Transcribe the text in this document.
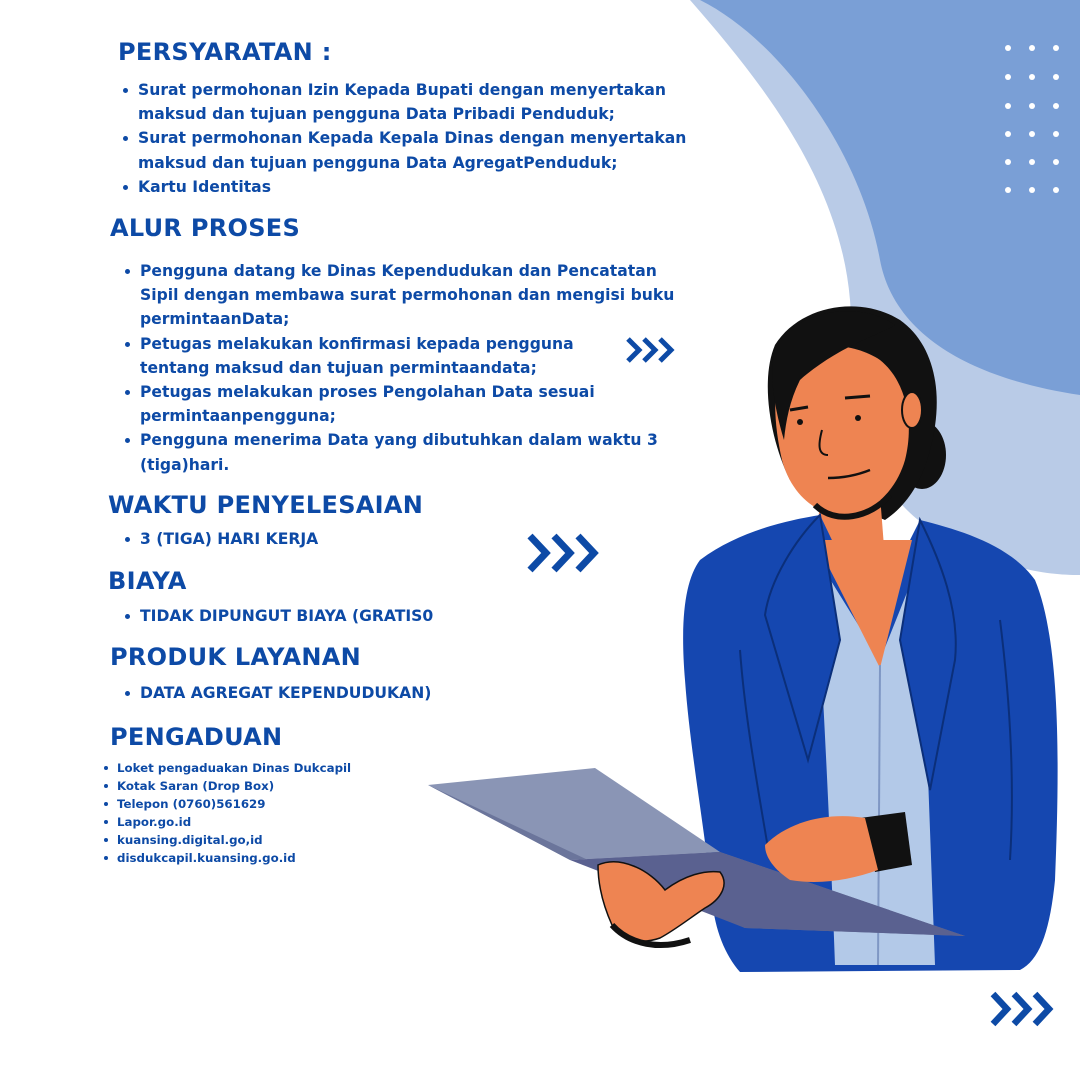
PERSYARATAN :
Surat permohonan Izin Kepada Bupati dengan menyertakan maksud dan tujuan pengguna Data Pribadi Penduduk;
Surat permohonan Kepada Kepala Dinas dengan menyertakan maksud dan tujuan pengguna Data AgregatPenduduk;
Kartu Identitas
ALUR PROSES
Pengguna datang ke Dinas Kependudukan dan Pencatatan Sipil dengan membawa surat permohonan dan mengisi buku permintaanData;
Petugas melakukan konfirmasi kepada pengguna tentang maksud dan tujuan permintaandata;
Petugas melakukan proses Pengolahan Data sesuai permintaanpengguna;
Pengguna menerima Data yang dibutuhkan dalam waktu 3 (tiga)hari.
WAKTU PENYELESAIAN
3 (TIGA) HARI KERJA
BIAYA
TIDAK DIPUNGUT BIAYA (GRATIS0
PRODUK LAYANAN
DATA AGREGAT KEPENDUDUKAN)
PENGADUAN
Loket pengaduakan Dinas Dukcapil
Kotak Saran (Drop Box)
Telepon (0760)561629
Lapor.go.id
kuansing.digital.go,id
disdukcapil.kuansing.go.id
